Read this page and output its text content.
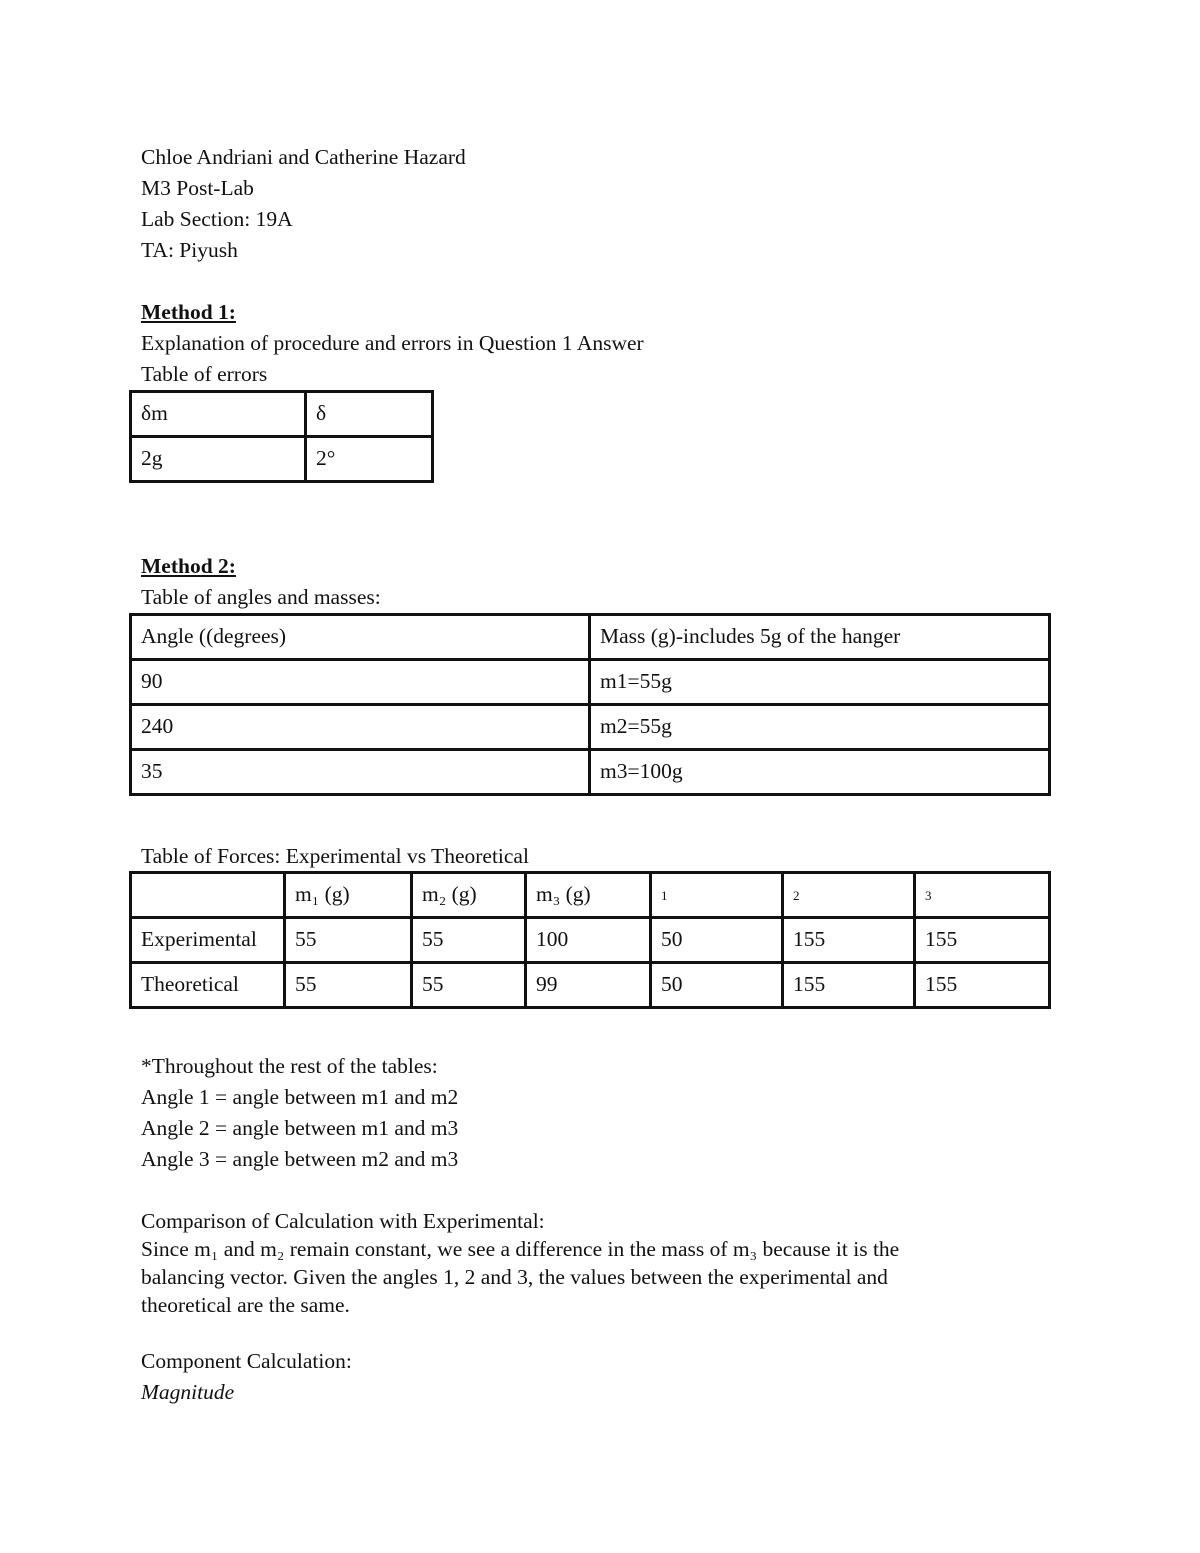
Chloe Andriani and Catherine Hazard
M3 Post-Lab
Lab Section: 19A
TA: Piyush
Method 1:
Explanation of procedure and errors in Question 1 Answer
Table of errors
δm	δ
2g	2°
Method 2:
Table of angles and masses:
Angle ((degrees)	Mass (g)-includes 5g of the hanger
90	m1=55g
240	m2=55g
35	m3=100g
Table of Forces: Experimental vs Theoretical
	m₁ (g)	m₂ (g)	m₃ (g)	1	2	3
Experimental	55	55	100	50	155	155
Theoretical	55	55	99	50	155	155
*Throughout the rest of the tables:
Angle 1 = angle between m1 and m2
Angle 2 = angle between m1 and m3
Angle 3 = angle between m2 and m3
Comparison of Calculation with Experimental:
Since m₁ and m₂ remain constant, we see a difference in the mass of m₃ because it is the balancing vector. Given the angles 1, 2 and 3, the values between the experimental and theoretical are the same.
Component Calculation:
Magnitude
